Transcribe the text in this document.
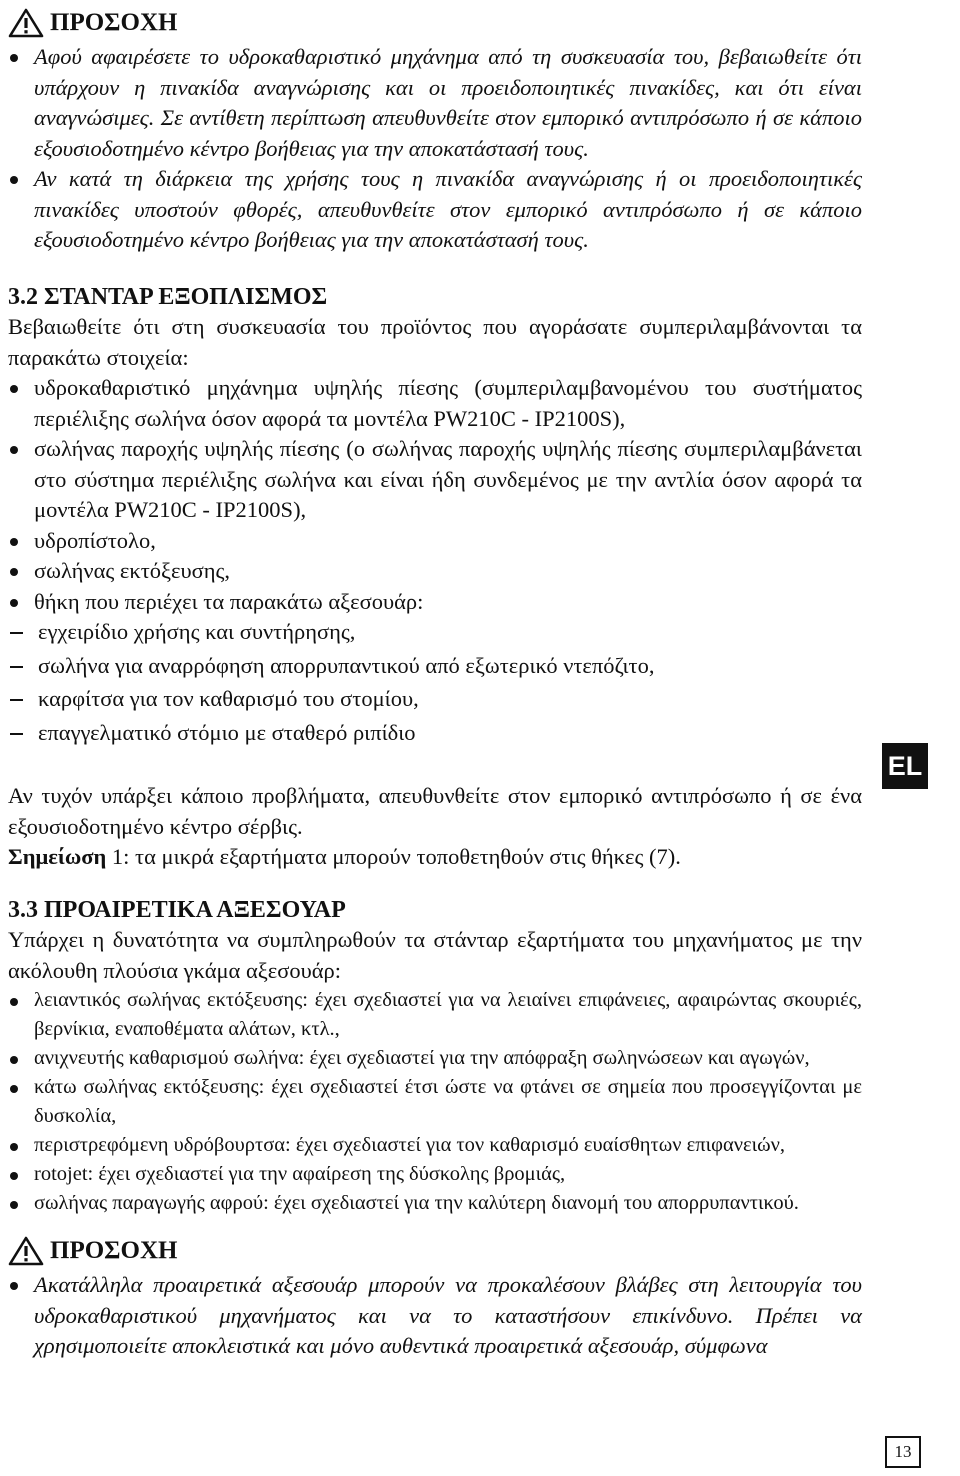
ΠΡΟΣΟΧΗ
Αφού αφαιρέσετε το υδροκαθαριστικό μηχάνημα από τη συσκευασία του, βεβαιωθείτε ότι υπάρχουν η πινακίδα αναγνώρισης και οι προειδοποιητικές πινακίδες, και ότι είναι αναγνώσιμες. Σε αντίθετη περίπτωση απευθυνθείτε στον εμπορικό αντιπρόσωπο ή σε κάποιο εξουσιοδοτημένο κέντρο βοήθειας για την αποκατάστασή τους.
Αν κατά τη διάρκεια της χρήσης τους η πινακίδα αναγνώρισης ή οι προειδοποιητικές πινακίδες υποστούν φθορές, απευθυνθείτε στον εμπορικό αντιπρόσωπο ή σε κάποιο εξουσιοδοτημένο κέντρο βοήθειας για την αποκατάστασή τους.
3.2 ΣΤΑΝΤΑΡ ΕΞΟΠΛΙΣΜΟΣ

Βεβαιωθείτε ότι στη συσκευασία του προϊόντος που αγοράσατε συμπεριλαμβάνονται τα παρακάτω στοιχεία:

υδροκαθαριστικό μηχάνημα υψηλής πίεσης (συμπεριλαμβανομένου του συστήματος περιέλιξης σωλήνα όσον αφορά τα μοντέλα PW210C - IP2100S),
σωλήνας παροχής υψηλής πίεσης (ο σωλήνας παροχής υψηλής πίεσης συμπεριλαμβάνεται στο σύστημα περιέλιξης σωλήνα και είναι ήδη συνδεμένος με την αντλία όσον αφορά τα μοντέλα PW210C - IP2100S),
υδροπίστολο,
σωλήνας εκτόξευσης,
θήκη που περιέχει τα παρακάτω αξεσουάρ:
εγχειρίδιο χρήσης και συντήρησης,
σωλήνα για αναρρόφηση απορρυπαντικού από εξωτερικό ντεπόζιτο,
καρφίτσα για τον καθαρισμό του στομίου,
επαγγελματικό στόμιο με σταθερό ριπίδιο

Αν τυχόν υπάρξει κάποιο προβλήματα, απευθυνθείτε στον εμπορικό αντιπρόσωπο ή σε ένα εξουσιοδοτημένο κέντρο σέρβις.

Σημείωση 1: τα μικρά εξαρτήματα μπορούν τοποθετηθούν στις θήκες (7).

3.3 ΠΡΟΑΙΡΕΤΙΚΑ ΑΞΕΣΟΥΑΡ

Υπάρχει η δυνατότητα να συμπληρωθούν τα στάνταρ εξαρτήματα του μηχανήματος με την ακόλουθη πλούσια γκάμα αξεσουάρ:

λειαντικός σωλήνας εκτόξευσης: έχει σχεδιαστεί για να λειαίνει επιφάνειες, αφαιρώντας σκουριές, βερνίκια, εναποθέματα αλάτων, κτλ.,
ανιχνευτής καθαρισμού σωλήνα: έχει σχεδιαστεί για την απόφραξη σωληνώσεων και αγωγών,
κάτω σωλήνας εκτόξευσης: έχει σχεδιαστεί έτσι ώστε να φτάνει σε σημεία που προσεγγίζονται με δυσκολία,
περιστρεφόμενη υδρόβουρτσα: έχει σχεδιαστεί για τον καθαρισμό ευαίσθητων επιφανειών,
rotojet: έχει σχεδιαστεί για την αφαίρεση της δύσκολης βρομιάς,
σωλήνας παραγωγής αφρού: έχει σχεδιαστεί για την καλύτερη διανομή του απορρυπαντικού.
ΠΡΟΣΟΧΗ
Ακατάλληλα προαιρετικά αξεσουάρ μπορούν να προκαλέσουν βλάβες στη λειτουργία του υδροκαθαριστικού μηχανήματος και να το καταστήσουν επικίνδυνο. Πρέπει να χρησιμοποιείτε αποκλειστικά και μόνο αυθεντικά προαιρετικά αξεσουάρ, σύμφωνα
EL
13
